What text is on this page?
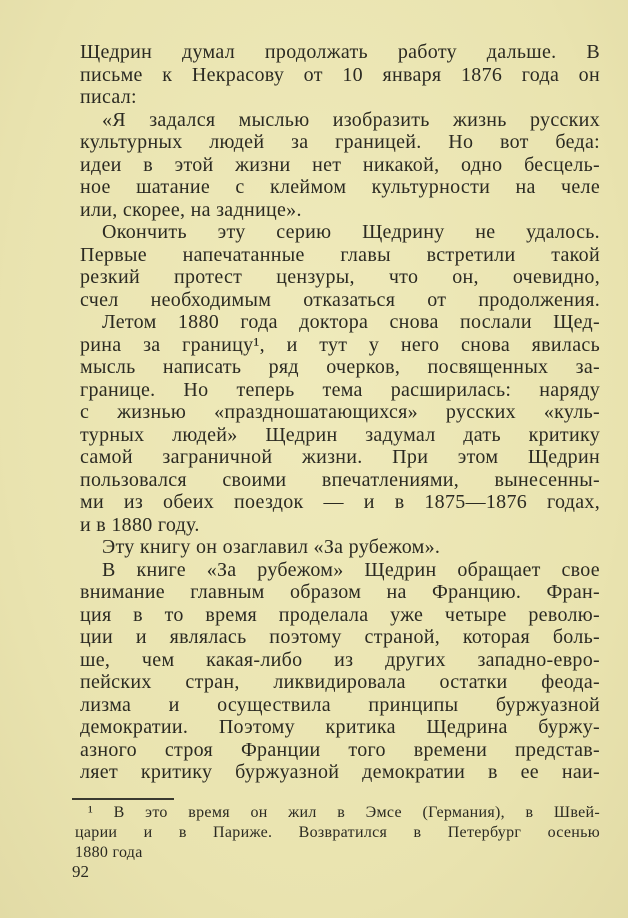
Щедрин думал продолжать работу дальше. В
письме к Некрасову от 10 января 1876 года он
писал:
«Я задался мыслью изобразить жизнь русских
культурных людей за границей. Но вот беда:
идеи в этой жизни нет никакой, одно бесцель-
ное шатание с клеймом культурности на челе
или, скорее, на заднице».
Окончить эту серию Щедрину не удалось.
Первые напечатанные главы встретили такой
резкий протест цензуры, что он, очевидно,
счел необходимым отказаться от продолжения.
Летом 1880 года доктора снова послали Щед-
рина за границу¹, и тут у него снова явилась
мысль написать ряд очерков, посвященных за-
границе. Но теперь тема расширилась: наряду
с жизнью «праздношатающихся» русских «куль-
турных людей» Щедрин задумал дать критику
самой заграничной жизни. При этом Щедрин
пользовался своими впечатлениями, вынесенны-
ми из обеих поездок — и в 1875—1876 годах,
и в 1880 году.
Эту книгу он озаглавил «За рубежом».
В книге «За рубежом» Щедрин обращает свое
внимание главным образом на Францию. Фран-
ция в то время проделала уже четыре револю-
ции и являлась поэтому страной, которая боль-
ше, чем какая-либо из других западно-евро-
пейских стран, ликвидировала остатки феода-
лизма и осуществила принципы буржуазной
демократии. Поэтому критика Щедрина буржу-
азного строя Франции того времени представ-
ляет критику буржуазной демократии в ее наи-
¹ В это время он жил в Эмсе (Германия), в Швей-
царии и в Париже. Возвратился в Петербург осенью
1880 года
92
